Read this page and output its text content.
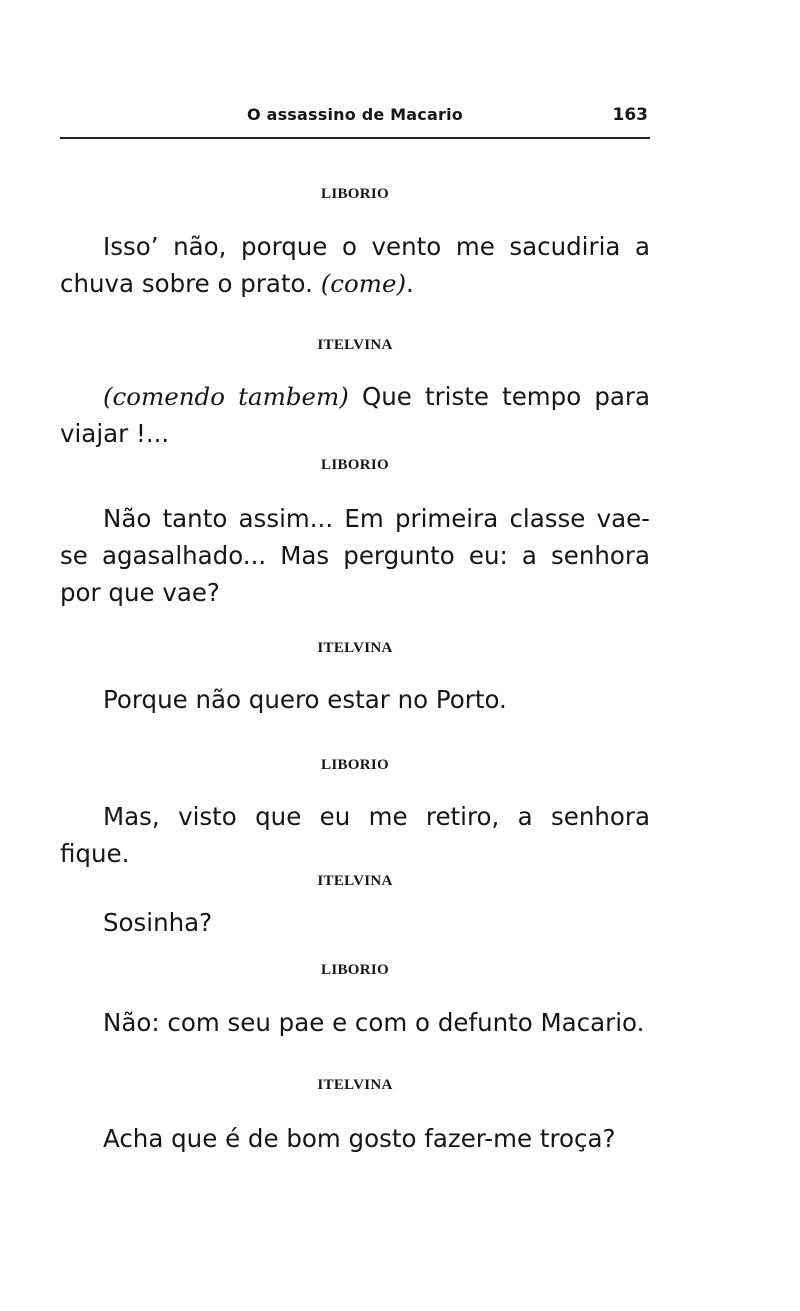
O assassino de Macario	163
LIBORIO

Isso’ não, porque o vento me sacudiria a chuva sobre o prato. (come).

ITELVINA

(comendo tambem) Que triste tempo para viajar !...

LIBORIO

Não tanto assim... Em primeira classe vae-se agasalhado... Mas pergunto eu: a senhora por que vae?

ITELVINA

Porque não quero estar no Porto.

LIBORIO

Mas, visto que eu me retiro, a senhora fique.

ITELVINA

Sosinha?

LIBORIO

Não: com seu pae e com o defunto Macario.

ITELVINA

Acha que é de bom gosto fazer-me troça?
